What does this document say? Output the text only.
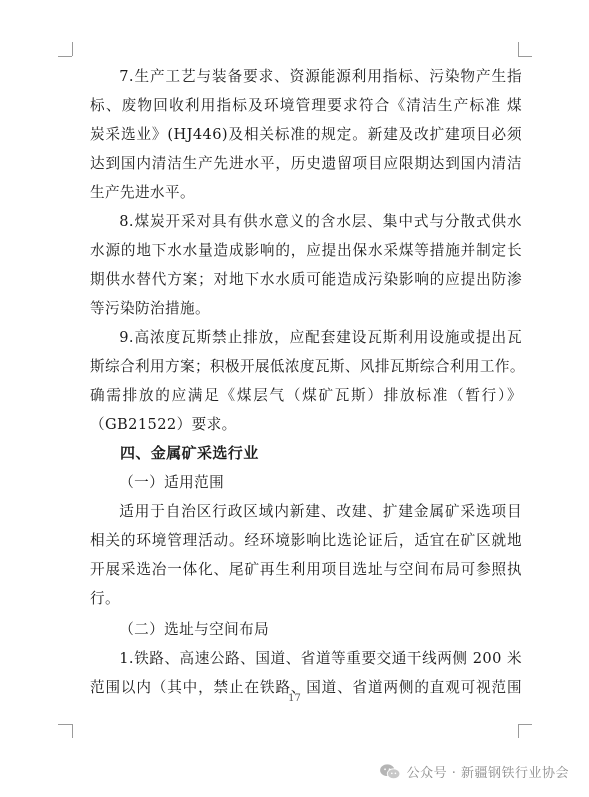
7.生产工艺与装备要求、资源能源利用指标、污染物产生指
标、废物回收利用指标及环境管理要求符合《清洁生产标准 煤
炭采选业》(HJ446)及相关标准的规定。新建及改扩建项目必须
达到国内清洁生产先进水平，历史遗留项目应限期达到国内清洁
生产先进水平。

8.煤炭开采对具有供水意义的含水层、集中式与分散式供水
水源的地下水水量造成影响的，应提出保水采煤等措施并制定长
期供水替代方案；对地下水水质可能造成污染影响的应提出防渗
等污染防治措施。

9.高浓度瓦斯禁止排放，应配套建设瓦斯利用设施或提出瓦
斯综合利用方案；积极开展低浓度瓦斯、风排瓦斯综合利用工作。
确需排放的应满足《煤层气（煤矿瓦斯）排放标准（暂行）》
（GB21522）要求。

四、金属矿采选行业

（一）适用范围

适用于自治区行政区域内新建、改建、扩建金属矿采选项目
相关的环境管理活动。经环境影响比选论证后，适宜在矿区就地
开展采选冶一体化、尾矿再生利用项目选址与空间布局可参照执
行。

（二）选址与空间布局

1.铁路、高速公路、国道、省道等重要交通干线两侧 200 米
范围以内（其中，禁止在铁路、国道、省道两侧的直观可视范围

17
公众号 · 新疆钢铁行业协会
